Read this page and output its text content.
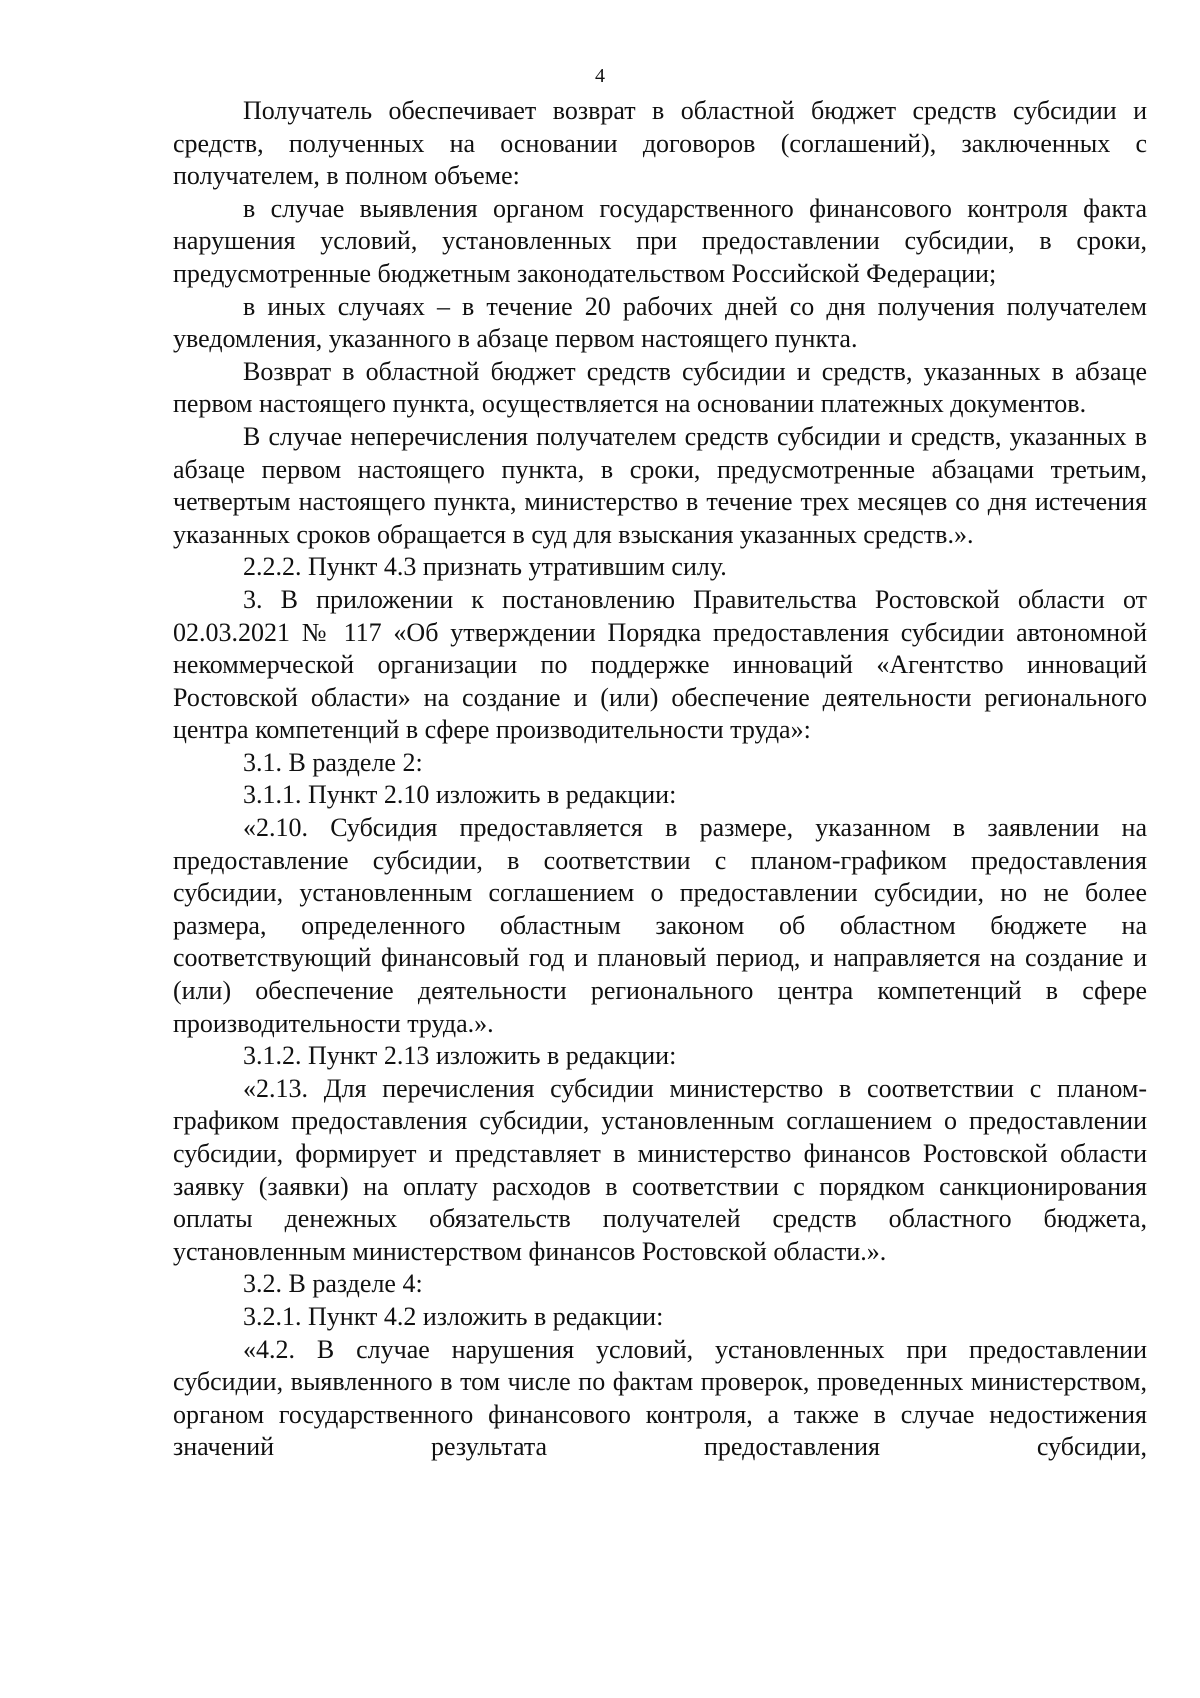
4

Получатель обеспечивает возврат в областной бюджет средств субсидии и средств, полученных на основании договоров (соглашений), заключенных с получателем, в полном объеме:

в случае выявления органом государственного финансового контроля факта нарушения условий, установленных при предоставлении субсидии, в сроки, предусмотренные бюджетным законодательством Российской Федерации;

в иных случаях – в течение 20 рабочих дней со дня получения получателем уведомления, указанного в абзаце первом настоящего пункта.

Возврат в областной бюджет средств субсидии и средств, указанных в абзаце первом настоящего пункта, осуществляется на основании платежных документов.

В случае неперечисления получателем средств субсидии и средств, указанных в абзаце первом настоящего пункта, в сроки, предусмотренные абзацами третьим, четвертым настоящего пункта, министерство в течение трех месяцев со дня истечения указанных сроков обращается в суд для взыскания указанных средств.».

2.2.2. Пункт 4.3 признать утратившим силу.

3. В приложении к постановлению Правительства Ростовской области от 02.03.2021 № 117 «Об утверждении Порядка предоставления субсидии автономной некоммерческой организации по поддержке инноваций «Агентство инноваций Ростовской области» на создание и (или) обеспечение деятельности регионального центра компетенций в сфере производительности труда»:

3.1. В разделе 2:

3.1.1. Пункт 2.10 изложить в редакции:

«2.10. Субсидия предоставляется в размере, указанном в заявлении на предоставление субсидии, в соответствии с планом-графиком предоставления субсидии, установленным соглашением о предоставлении субсидии, но не более размера, определенного областным законом об областном бюджете на соответствующий финансовый год и плановый период, и направляется на создание и (или) обеспечение деятельности регионального центра компетенций в сфере производительности труда.».

3.1.2. Пункт 2.13 изложить в редакции:

«2.13. Для перечисления субсидии министерство в соответствии с планом-графиком предоставления субсидии, установленным соглашением о предоставлении субсидии, формирует и представляет в министерство финансов Ростовской области заявку (заявки) на оплату расходов в соответствии с порядком санкционирования оплаты денежных обязательств получателей средств областного бюджета, установленным министерством финансов Ростовской области.».

3.2. В разделе 4:

3.2.1. Пункт 4.2 изложить в редакции:

«4.2. В случае нарушения условий, установленных при предоставлении субсидии, выявленного в том числе по фактам проверок, проведенных министерством, органом государственного финансового контроля, а также в случае недостижения значений результата предоставления субсидии,
